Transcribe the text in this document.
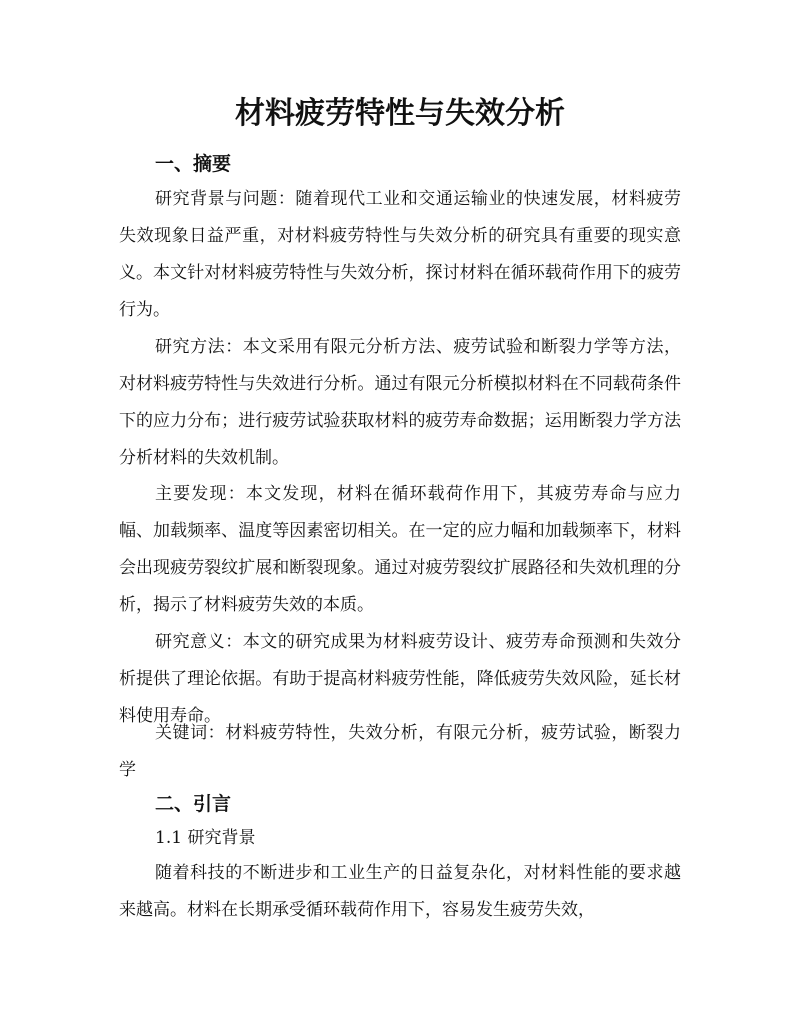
材料疲劳特性与失效分析
一、摘要

研究背景与问题：随着现代工业和交通运输业的快速发展，材料疲劳失效现象日益严重，对材料疲劳特性与失效分析的研究具有重要的现实意义。本文针对材料疲劳特性与失效分析，探讨材料在循环载荷作用下的疲劳行为。

研究方法：本文采用有限元分析方法、疲劳试验和断裂力学等方法，对材料疲劳特性与失效进行分析。通过有限元分析模拟材料在不同载荷条件下的应力分布；进行疲劳试验获取材料的疲劳寿命数据；运用断裂力学方法分析材料的失效机制。

主要发现：本文发现，材料在循环载荷作用下，其疲劳寿命与应力幅、加载频率、温度等因素密切相关。在一定的应力幅和加载频率下，材料会出现疲劳裂纹扩展和断裂现象。通过对疲劳裂纹扩展路径和失效机理的分析，揭示了材料疲劳失效的本质。

研究意义：本文的研究成果为材料疲劳设计、疲劳寿命预测和失效分析提供了理论依据。有助于提高材料疲劳性能，降低疲劳失效风险，延长材料使用寿命。

关键词：材料疲劳特性，失效分析，有限元分析，疲劳试验，断裂力学

二、引言
1.1 研究背景

随着科技的不断进步和工业生产的日益复杂化，对材料性能的要求越来越高。材料在长期承受循环载荷作用下，容易发生疲劳失效，
